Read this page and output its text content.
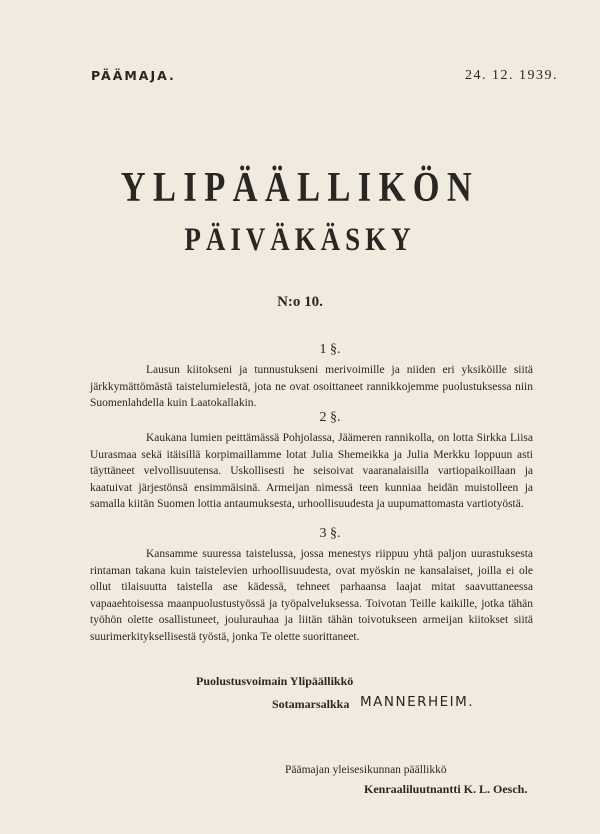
PÄÄMAJA.	24. 12. 1939.
YLIPÄÄLLIKÖN
PÄIVÄKÄSKY
N:o 10.
1 §.
Lausun kiitokseni ja tunnustukseni merivoimille ja niiden eri yksiköille siitä järkkymättömästä taistelumielestä, jota ne ovat osoittaneet rannikkojemme puolustuksessa niin Suomenlahdella kuin Laatokallakin.
2 §.
Kaukana lumien peittämässä Pohjolassa, Jäämeren rannikolla, on lotta Sirkka Liisa Uurasmaa sekä itäisillä korpimaillamme lotat Julia Shemeikka ja Julia Merkku loppuun asti täyttäneet velvollisuutensa. Uskollisesti he seisoivat vaaranalaisilla vartiopaikoillaan ja kaatuivat järjestönsä ensimmäisinä. Armeijan nimessä teen kunniaa heidän muistolleen ja samalla kiitän Suomen lottia antaumuksesta, urhoollisuudesta ja uupumattomasta vartiotyöstä.
3 §.
Kansamme suuressa taistelussa, jossa menestys riippuu yhtä paljon uurastuksesta rintaman takana kuin taistelevien urhoollisuudesta, ovat myöskin ne kansalaiset, joilla ei ole ollut tilaisuutta taistella ase kädessä, tehneet parhaansa laajat mitat saavuttaneessa vapaaehtoisessa maanpuolustustyössä ja työpalveluksessa. Toivotan Teille kaikille, jotka tähän työhön olette osallistuneet, joulurauhaa ja liitän tähän toivotukseen armeijan kiitokset siitä suurimerkityksellisestä työstä, jonka Te olette suorittaneet.
Puolustusvoimain Ylipäällikkö
Sotamarsalkka MANNERHEIM.
Päämajan yleisesikunnan päällikkö
Kenraaliluutnantti K. L. Oesch.
